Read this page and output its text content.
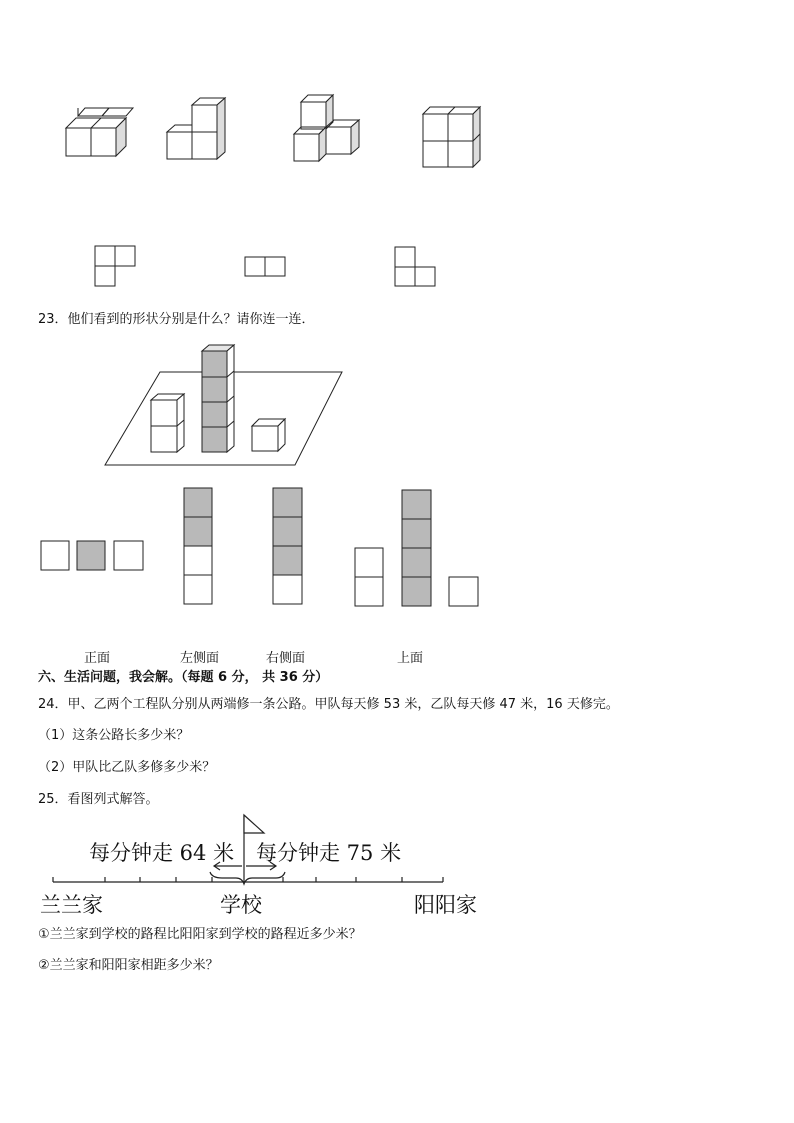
23．他们看到的形状分别是什么？请你连一连．
正面	左侧面	右侧面	上面
六、生活问题，我会解。（每题 6 分， 共 36 分）
24．甲、乙两个工程队分别从两端修一条公路。甲队每天修 53 米，乙队每天修 47 米，16 天修完。
（1）这条公路长多少米？
（2）甲队比乙队多修多少米？
25．看图列式解答。
每分钟走 64 米 每分钟走 75 米
兰兰家	学校	阳阳家
①兰兰家到学校的路程比阳阳家到学校的路程近多少米？
②兰兰家和阳阳家相距多少米？
